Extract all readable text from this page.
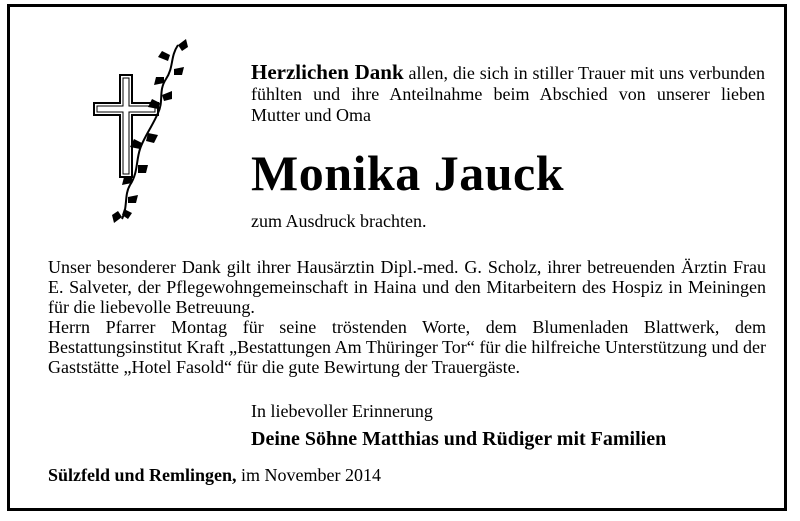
Herzlichen Dank allen, die sich in stiller Trauer mit uns verbunden fühlten und ihre Anteilnahme beim Abschied von unserer lieben Mutter und Oma
Monika Jauck
zum Ausdruck brachten.

Unser besonderer Dank gilt ihrer Hausärztin Dipl.-med. G. Scholz, ihrer betreuenden Ärztin Frau E. Salveter, der Pflegewohngemeinschaft in Haina und den Mitarbeitern des Hospiz in Meiningen für die liebevolle Betreuung.

Herrn Pfarrer Montag für seine tröstenden Worte, dem Blumenladen Blattwerk, dem Bestattungsinstitut Kraft „Bestattungen Am Thüringer Tor“ für die hilfreiche Unterstützung und der Gaststätte „Hotel Fasold“ für die gute Bewirtung der Trauergäste.

In liebevoller Erinnerung
Deine Söhne Matthias und Rüdiger mit Familien
Sülzfeld und Remlingen, im November 2014
